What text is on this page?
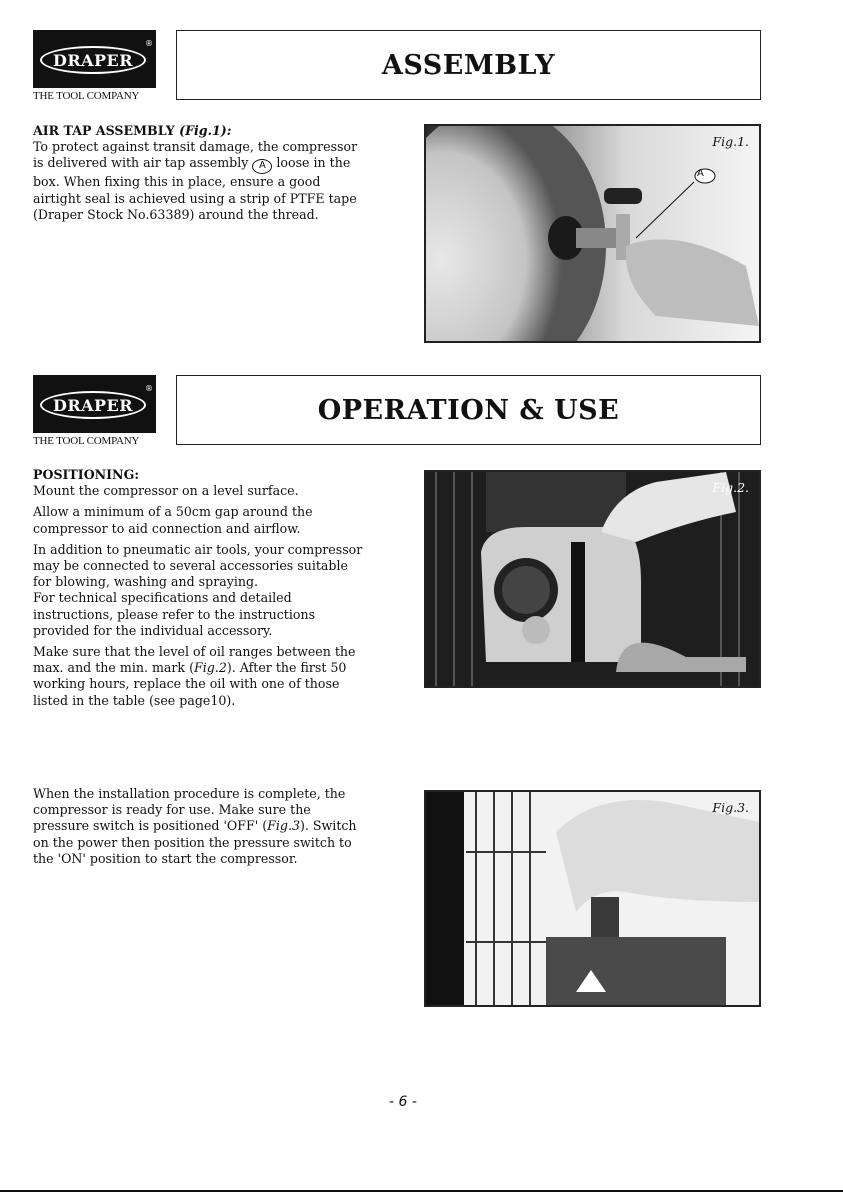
®
DRAPER
THE TOOL COMPANY
ASSEMBLY

AIR TAP ASSEMBLY (Fig.1):
To protect against transit damage, the compressor is delivered with air tap assembly A loose in the box. When fixing this in place, ensure a good airtight seal is achieved using a strip of PTFE tape (Draper Stock No.63389) around the thread.

Fig.1.
A
®
DRAPER
THE TOOL COMPANY
OPERATION & USE

POSITIONING:
Mount the compressor on a level surface.

Allow a minimum of a 50cm gap around the compressor to aid connection and airflow.

In addition to pneumatic air tools, your compressor may be connected to several accessories suitable for blowing, washing and spraying.
For technical specifications and detailed instructions, please refer to the instructions provided for the individual accessory.

Make sure that the level of oil ranges between the max. and the min. mark (Fig.2). After the first 50 working hours, replace the oil with one of those listed in the table (see page10).

Fig.2.

When the installation procedure is complete, the compressor is ready for use. Make sure the pressure switch is positioned 'OFF' (Fig.3). Switch on the power then position the pressure switch to the 'ON' position to start the compressor.

Fig.3.
- 6 -
